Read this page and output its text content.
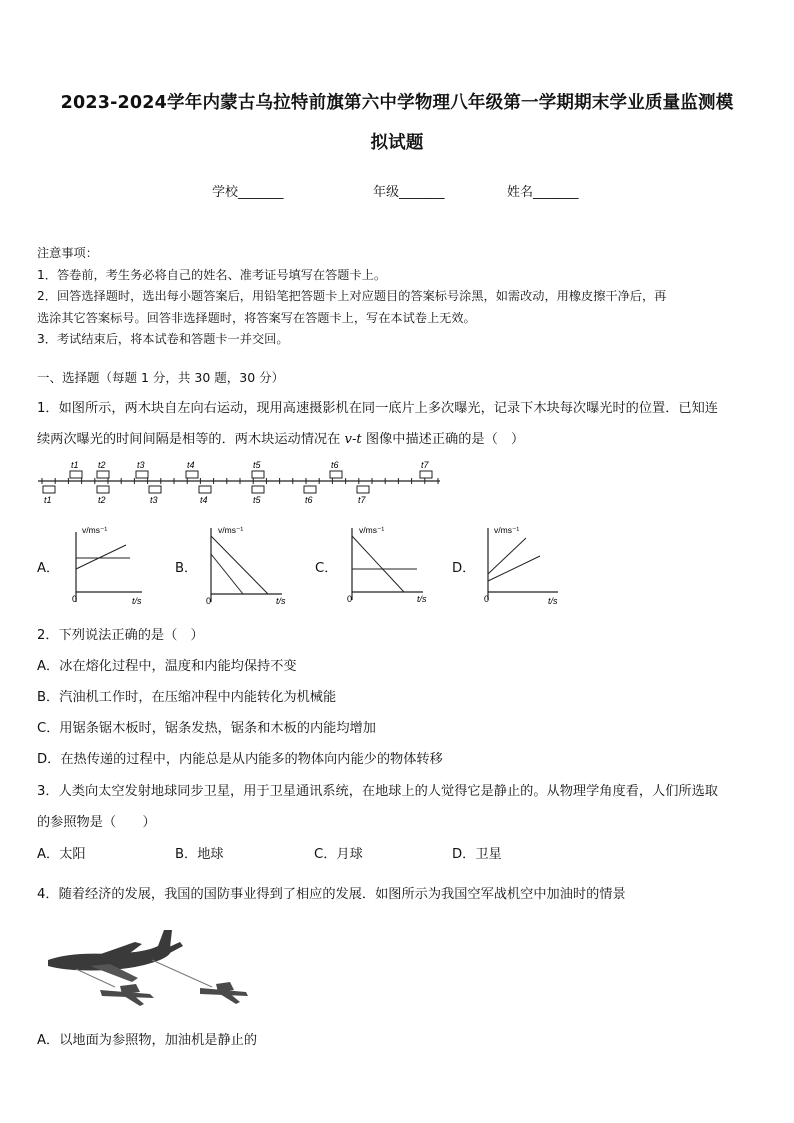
2023-2024学年内蒙古乌拉特前旗第六中学物理八年级第一学期期末学业质量监测模
拟试题
学校_______	年级_______	姓名_______
注意事项：
1．答卷前，考生务必将自己的姓名、准考证号填写在答题卡上。
2．回答选择题时，选出每小题答案后，用铅笔把答题卡上对应题目的答案标号涂黑，如需改动，用橡皮擦干净后，再
选涂其它答案标号。回答非选择题时，将答案写在答题卡上，写在本试卷上无效。
3．考试结束后，将本试卷和答题卡一并交回。
一、选择题（每题 1 分，共 30 题，30 分）
1．如图所示，两木块自左向右运动，现用高速摄影机在同一底片上多次曝光，记录下木块每次曝光时的位置．已知连
续两次曝光的时间间隔是相等的．两木块运动情况在 v-t 图像中描述正确的是（　）
t1 t2	t3	t4	t5	t6	t7
t1	t2	t3	t4	t5	t6	t7
A．	B．	C．	D．
0
v/ms⁻¹
t/s	0
v/ms⁻¹
t/s	0
v/ms⁻¹
t/s	0
v/ms⁻¹
t/s
2．下列说法正确的是（　）
A．冰在熔化过程中，温度和内能均保持不变
B．汽油机工作时，在压缩冲程中内能转化为机械能
C．用锯条锯木板时，锯条发热，锯条和木板的内能均增加
D．在热传递的过程中，内能总是从内能多的物体向内能少的物体转移
3．人类向太空发射地球同步卫星，用于卫星通讯系统，在地球上的人觉得它是静止的。从物理学角度看，人们所选取
的参照物是（　　）
A．太阳	B．地球	C．月球	D．卫星
4．随着经济的发展，我国的国防事业得到了相应的发展．如图所示为我国空军战机空中加油时的情景
A．以地面为参照物，加油机是静止的
